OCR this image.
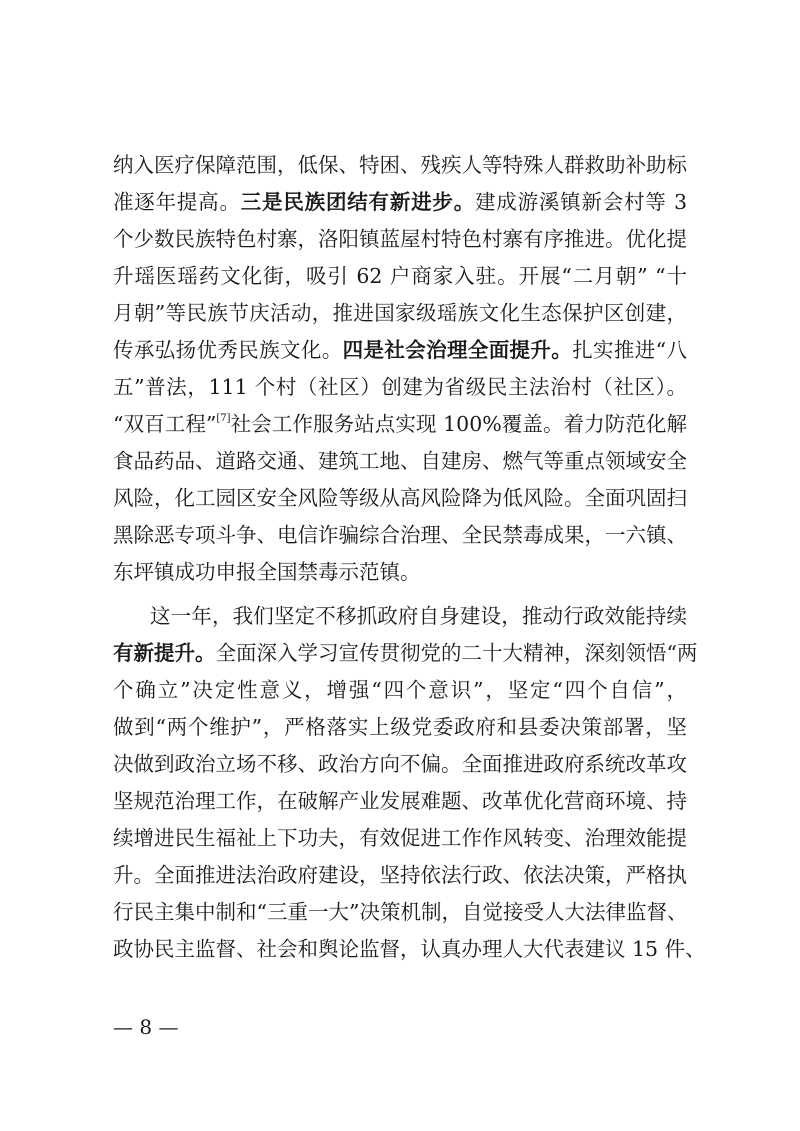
纳入医疗保障范围，低保、特困、残疾人等特殊人群救助补助标
准逐年提高。三是民族团结有新进步。建成游溪镇新会村等 3
个少数民族特色村寨，洛阳镇蓝屋村特色村寨有序推进。优化提
升瑶医瑶药文化街，吸引 62 户商家入驻。开展“二月朝” “十
月朝”等民族节庆活动，推进国家级瑶族文化生态保护区创建，
传承弘扬优秀民族文化。四是社会治理全面提升。扎实推进“八
五”普法，111 个村（社区）创建为省级民主法治村（社区）。
“双百工程”[7]社会工作服务站点实现 100%覆盖。着力防范化解
食品药品、道路交通、建筑工地、自建房、燃气等重点领域安全
风险，化工园区安全风险等级从高风险降为低风险。全面巩固扫
黑除恶专项斗争、电信诈骗综合治理、全民禁毒成果，一六镇、
东坪镇成功申报全国禁毒示范镇。
这一年，我们坚定不移抓政府自身建设，推动行政效能持续
有新提升。全面深入学习宣传贯彻党的二十大精神，深刻领悟“两
个确立”决定性意义，增强“四个意识”，坚定“四个自信”，
做到“两个维护”，严格落实上级党委政府和县委决策部署，坚
决做到政治立场不移、政治方向不偏。全面推进政府系统改革攻
坚规范治理工作，在破解产业发展难题、改革优化营商环境、持
续增进民生福祉上下功夫，有效促进工作作风转变、治理效能提
升。全面推进法治政府建设，坚持依法行政、依法决策，严格执
行民主集中制和“三重一大”决策机制，自觉接受人大法律监督、
政协民主监督、社会和舆论监督，认真办理人大代表建议 15 件、
— 8 —
